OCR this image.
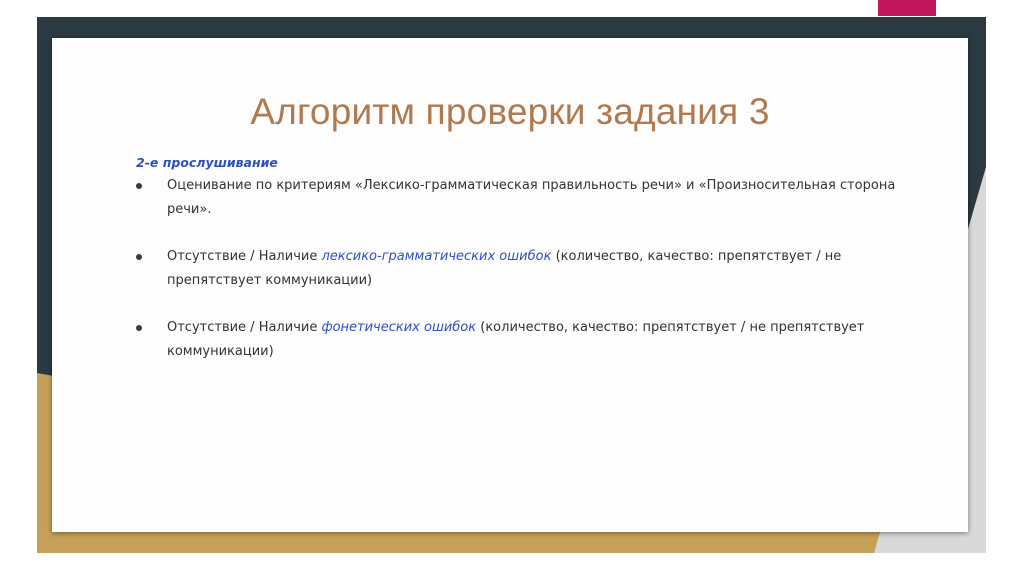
Алгоритм проверки задания 3
2-е прослушивание
Оценивание по критериям «Лексико-грамматическая правильность речи» и «Произносительная сторона речи».
Отсутствие / Наличие лексико-грамматических ошибок (количество, качество: препятствует / не препятствует коммуникации)
Отсутствие / Наличие фонетических ошибок (количество, качество: препятствует / не препятствует коммуникации)
